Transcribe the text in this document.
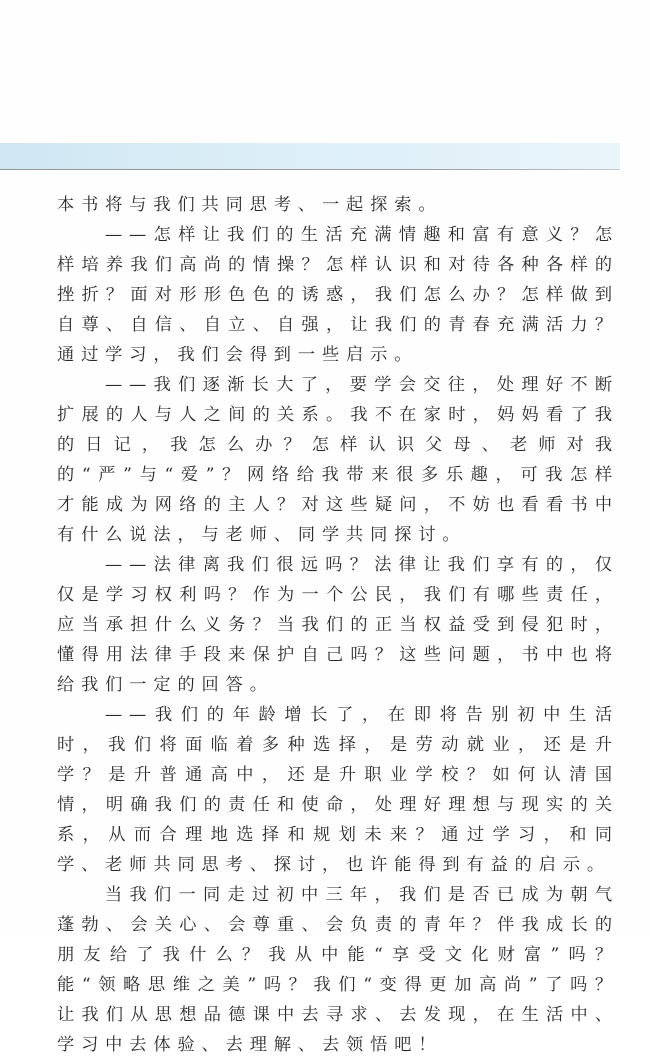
本书将与我们共同思考、一起探索。

——怎样让我们的生活充满情趣和富有意义？怎样培养我们高尚的情操？怎样认识和对待各种各样的挫折？面对形形色色的诱惑，我们怎么办？怎样做到自尊、自信、自立、自强，让我们的青春充满活力？通过学习，我们会得到一些启示。

——我们逐渐长大了，要学会交往，处理好不断扩展的人与人之间的关系。我不在家时，妈妈看了我的日记，我怎么办？怎样认识父母、老师对我的“严”与“爱”？网络给我带来很多乐趣，可我怎样才能成为网络的主人？对这些疑问，不妨也看看书中有什么说法，与老师、同学共同探讨。

——法律离我们很远吗？法律让我们享有的，仅仅是学习权利吗？作为一个公民，我们有哪些责任，应当承担什么义务？当我们的正当权益受到侵犯时，懂得用法律手段来保护自己吗？这些问题，书中也将给我们一定的回答。

——我们的年龄增长了，在即将告别初中生活时，我们将面临着多种选择，是劳动就业，还是升学？是升普通高中，还是升职业学校？如何认清国情，明确我们的责任和使命，处理好理想与现实的关系，从而合理地选择和规划未来？通过学习，和同学、老师共同思考、探讨，也许能得到有益的启示。

当我们一同走过初中三年，我们是否已成为朝气蓬勃、会关心、会尊重、会负责的青年？伴我成长的朋友给了我什么？我从中能“享受文化财富”吗？能“领略思维之美”吗？我们“变得更加高尚”了吗？让我们从思想品德课中去寻求、去发现，在生活中、学习中去体验、去理解、去领悟吧！
